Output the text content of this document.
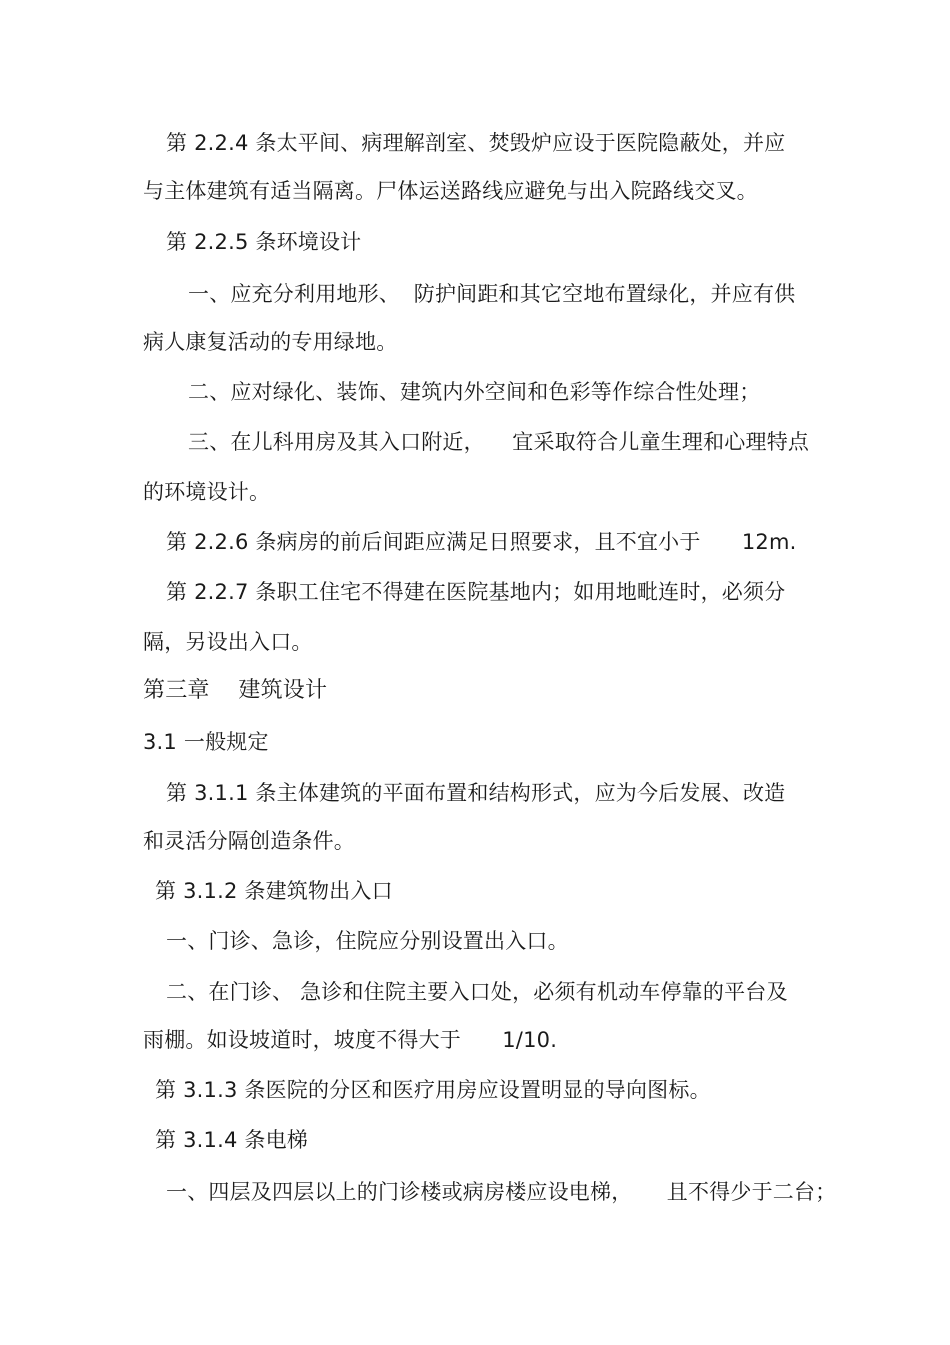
第 2.2.4 条太平间、病理解剖室、焚毁炉应设于医院隐蔽处，并应
与主体建筑有适当隔离。尸体运送路线应避免与出入院路线交叉。
第 2.2.5 条环境设计
一、应充分利用地形、  防护间距和其它空地布置绿化，并应有供
病人康复活动的专用绿地。
二、应对绿化、装饰、建筑内外空间和色彩等作综合性处理；
三、在儿科用房及其入口附近，    宜采取符合儿童生理和心理特点
的环境设计。
第 2.2.6 条病房的前后间距应满足日照要求，且不宜小于      12m.
第 2.2.7 条职工住宅不得建在医院基地内；如用地毗连时，必须分
隔，另设出入口。
第三章    建筑设计
3.1 一般规定
第 3.1.1 条主体建筑的平面布置和结构形式，应为今后发展、改造
和灵活分隔创造条件。
第 3.1.2 条建筑物出入口
一、门诊、急诊，住院应分别设置出入口。
二、在门诊、 急诊和住院主要入口处，必须有机动车停靠的平台及
雨棚。如设坡道时，坡度不得大于      1/10.
第 3.1.3 条医院的分区和医疗用房应设置明显的导向图标。
第 3.1.4 条电梯
一、四层及四层以上的门诊楼或病房楼应设电梯，     且不得少于二台；
